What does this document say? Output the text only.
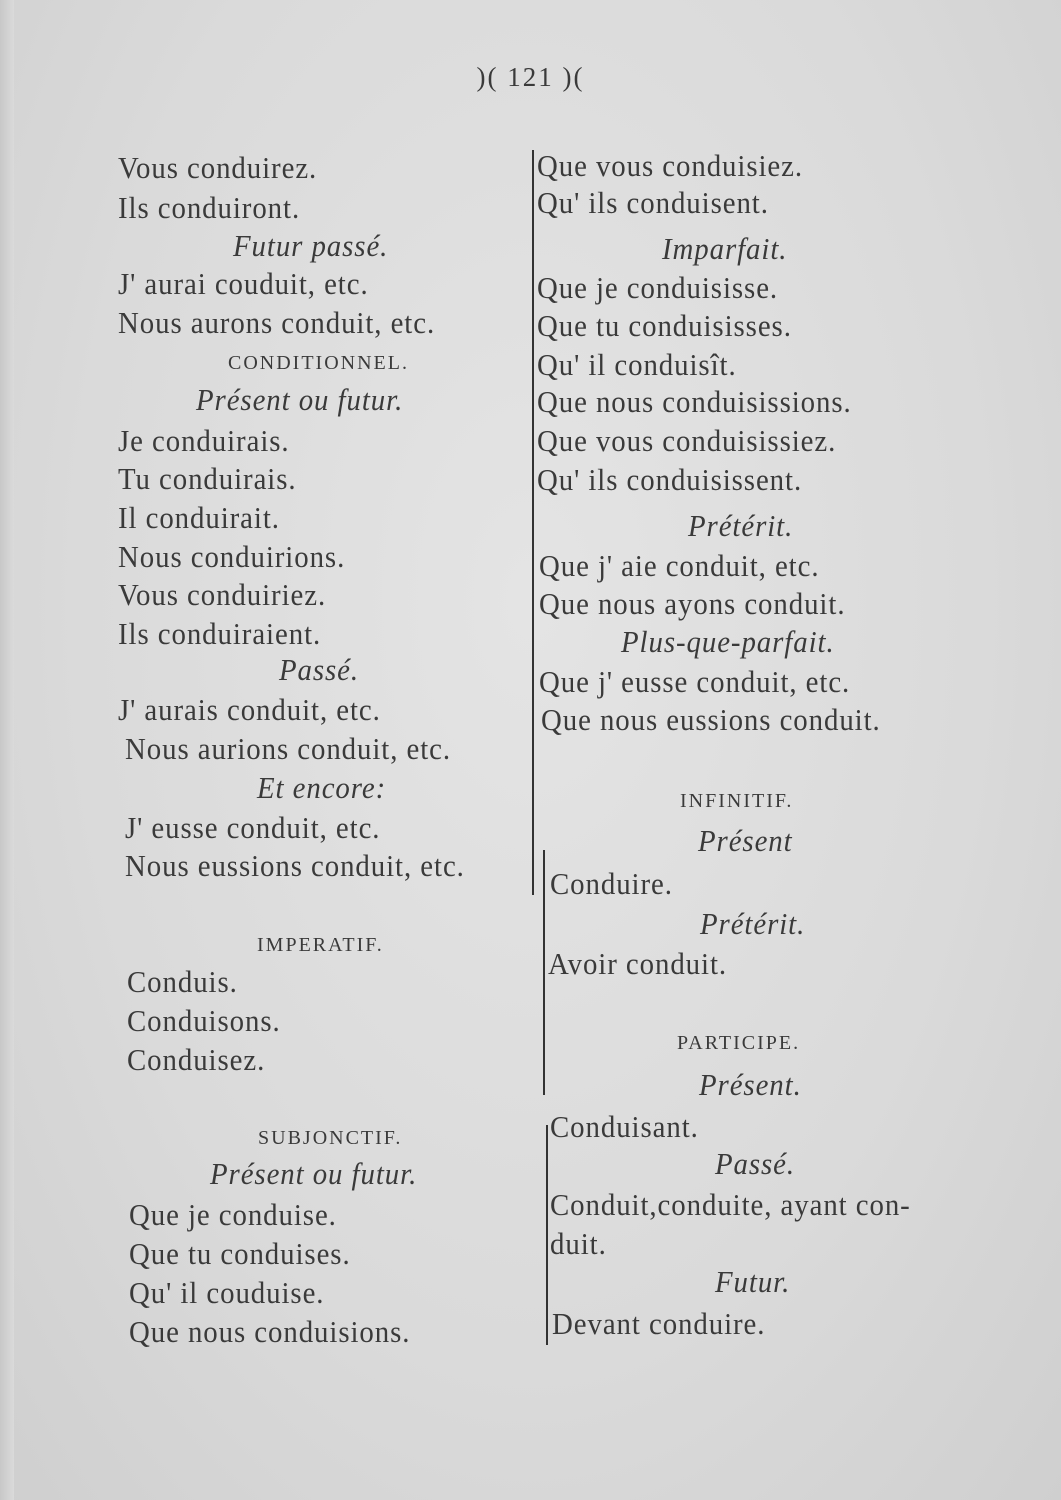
)( 121 )(
Vous conduirez.
Ils conduiront.
Futur passé.
J' aurai couduit, etc.
Nous aurons conduit, etc.
CONDITIONNEL.
Présent ou futur.
Je conduirais.
Tu conduirais.
Il conduirait.
Nous conduirions.
Vous conduiriez.
Ils conduiraient.
Passé.
J' aurais conduit, etc.
Nous aurions conduit, etc.
Et encore:
J' eusse conduit, etc.
Nous eussions conduit, etc.
IMPERATIF.
Conduis.
Conduisons.
Conduisez.
SUBJONCTIF.
Présent ou futur.
Que je conduise.
Que tu conduises.
Qu' il couduise.
Que nous conduisions.
Que vous conduisiez.
Qu' ils conduisent.
Imparfait.
Que je conduisisse.
Que tu conduisisses.
Qu' il conduisît.
Que nous conduisissions.
Que vous conduisissiez.
Qu' ils conduisissent.
Prétérit.
Que j' aie conduit, etc.
Que nous ayons conduit.
Plus-que-parfait.
Que j' eusse conduit, etc.
Que nous eussions conduit.
INFINITIF.
Présent
Conduire.
Prétérit.
Avoir conduit.
PARTICIPE.
Présent.
Conduisant.
Passé.
Conduit,conduite, ayant con-
duit.
Futur.
Devant conduire.
